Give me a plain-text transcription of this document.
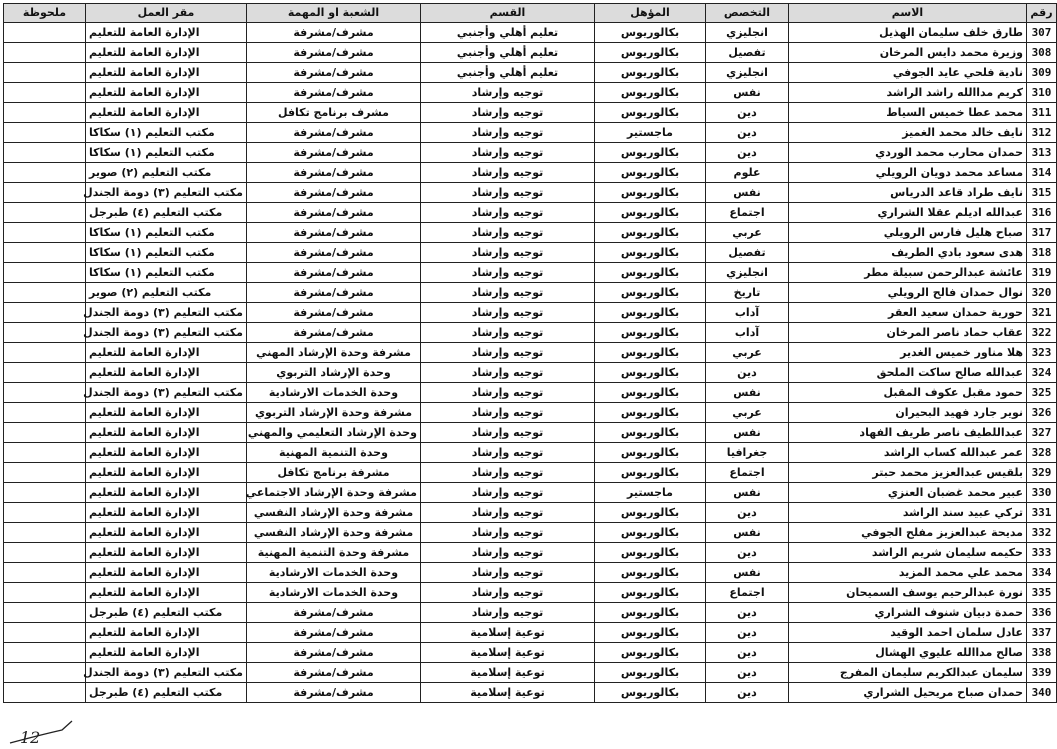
رقم	الاسم	التخصص	المؤهل	القسم	الشعبة او المهمة	مقر العمل	ملحوظة
307	طارق خلف سليمان الهذيل	انجليزي	بكالوريوس	تعليم أهلي وأجنبي	مشرف/مشرفة	الإدارة العامة للتعليم	
308	وزيرة محمد دايس المرخان	تفصيل	بكالوريوس	تعليم أهلي وأجنبي	مشرف/مشرفة	الإدارة العامة للتعليم	
309	نادية فلحي عايد الجوفي	انجليزي	بكالوريوس	تعليم أهلي وأجنبي	مشرف/مشرفة	الإدارة العامة للتعليم	
310	كريم مداالله راشد الراشد	نفس	بكالوريوس	توجيه وإرشاد	مشرف/مشرفة	الإدارة العامة للتعليم	
311	محمد عطا خميس السياط	دين	بكالوريوس	توجيه وإرشاد	مشرف برنامج تكافل	الإدارة العامة للتعليم	
312	نايف خالد محمد الغميز	دين	ماجستير	توجيه وإرشاد	مشرف/مشرفة	مكتب التعليم (١) سكاكا	
313	حمدان محارب محمد الوردي	دين	بكالوريوس	توجيه وإرشاد	مشرف/مشرفة	مكتب التعليم (١) سكاكا	
314	مساعد محمد دويان الرويلي	علوم	بكالوريوس	توجيه وإرشاد	مشرف/مشرفة	مكتب التعليم (٢) صوير	
315	نايف طراد قاعد الدرياس	نفس	بكالوريوس	توجيه وإرشاد	مشرف/مشرفة	مكتب التعليم (٣) دومة الجندل	
316	عبدالله اديلم عقلا الشراري	اجتماع	بكالوريوس	توجيه وإرشاد	مشرف/مشرفة	مكتب التعليم (٤) طبرجل	
317	صباح هليل فارس الرويلي	عربي	بكالوريوس	توجيه وإرشاد	مشرف/مشرفة	مكتب التعليم (١) سكاكا	
318	هدى سعود بادي الطريف	تفصيل	بكالوريوس	توجيه وإرشاد	مشرف/مشرفة	مكتب التعليم (١) سكاكا	
319	عائشة عبدالرحمن سبيلة مطر	انجليزي	بكالوريوس	توجيه وإرشاد	مشرف/مشرفة	مكتب التعليم (١) سكاكا	
320	نوال حمدان فالح الرويلي	تاريخ	بكالوريوس	توجيه وإرشاد	مشرف/مشرفة	مكتب التعليم (٢) صوير	
321	حورية حمدان سعيد العقر	آداب	بكالوريوس	توجيه وإرشاد	مشرف/مشرفة	مكتب التعليم (٣) دومة الجندل	
322	عقاب حماد ناصر المرخان	آداب	بكالوريوس	توجيه وإرشاد	مشرف/مشرفة	مكتب التعليم (٣) دومة الجندل	
323	هلا مناور خميس الغدير	عربي	بكالوريوس	توجيه وإرشاد	مشرفة وحدة الإرشاد المهني	الإدارة العامة للتعليم	
324	عبدالله صالح ساكت الملحق	دين	بكالوريوس	توجيه وإرشاد	وحدة الإرشاد التربوي	الإدارة العامة للتعليم	
325	حمود مقبل عكوف المقبل	نفس	بكالوريوس	توجيه وإرشاد	وحدة الخدمات الارشادية	مكتب التعليم (٣) دومة الجندل	
326	نوير جارد فهيد البحيران	عربي	بكالوريوس	توجيه وإرشاد	مشرفة وحدة الإرشاد التربوي	الإدارة العامة للتعليم	
327	عبداللطيف ناصر طريف الفهاد	نفس	بكالوريوس	توجيه وإرشاد	وحدة الإرشاد التعليمي والمهني	الإدارة العامة للتعليم	
328	عمر عبدالله كساب الراشد	جغرافيا	بكالوريوس	توجيه وإرشاد	وحدة التنمية المهنية	الإدارة العامة للتعليم	
329	بلقيس عبدالعزيز محمد حبتر	اجتماع	بكالوريوس	توجيه وإرشاد	مشرفة برنامج تكافل	الإدارة العامة للتعليم	
330	عبير محمد غضبان العنزي	نفس	ماجستير	توجيه وإرشاد	مشرفة وحدة الإرشاد الاجتماعي	الإدارة العامة للتعليم	
331	تركي عبيد سند الراشد	دين	بكالوريوس	توجيه وإرشاد	مشرفة وحدة الإرشاد النفسي	الإدارة العامة للتعليم	
332	مديحة عبدالعزيز مفلح الجوفي	نفس	بكالوريوس	توجيه وإرشاد	مشرفة وحدة الإرشاد النفسي	الإدارة العامة للتعليم	
333	حكيمه سليمان شريم الراشد	دين	بكالوريوس	توجيه وإرشاد	مشرفة وحدة التنمية المهنية	الإدارة العامة للتعليم	
334	محمد علي محمد المزيد	نفس	بكالوريوس	توجيه وإرشاد	وحدة الخدمات الارشادية	الإدارة العامة للتعليم	
335	نورة عبدالرحيم يوسف السميحان	اجتماع	بكالوريوس	توجيه وإرشاد	وحدة الخدمات الارشادية	الإدارة العامة للتعليم	
336	حمدة دبيان شنوف الشراري	دين	بكالوريوس	توجيه وإرشاد	مشرف/مشرفة	مكتب التعليم (٤) طبرجل	
337	عادل سلمان احمد الوقيد	دين	بكالوريوس	توعية إسلامية	مشرف/مشرفة	الإدارة العامة للتعليم	
338	صالح مداالله عليوي الهشال	دين	بكالوريوس	توعية إسلامية	مشرف/مشرفة	الإدارة العامة للتعليم	
339	سليمان عبدالكريم سليمان المفرج	دين	بكالوريوس	توعية إسلامية	مشرف/مشرفة	مكتب التعليم (٣) دومة الجندل	
340	حمدان صباح مريحيل الشراري	دين	بكالوريوس	توعية إسلامية	مشرف/مشرفة	مكتب التعليم (٤) طبرجل	
12
